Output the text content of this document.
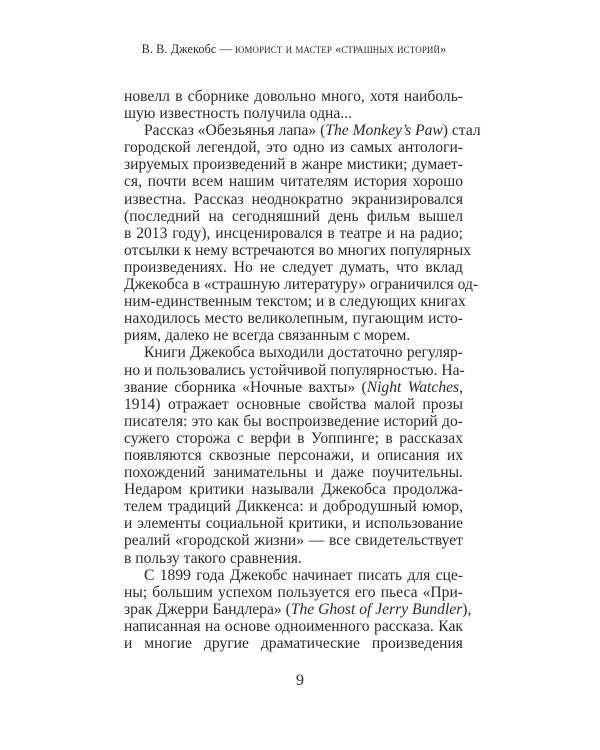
В. В. Джекобс — юморист и мастер «страшных историй»
новелл в сборнике довольно много, хотя наиболь-
шую известность получила одна...
Рассказ «Обезьянья лапа» (The Monkey’s Paw) стал
городской легендой, это одно из самых антологи-
зируемых произведений в жанре мистики; думает-
ся, почти всем нашим читателям история хорошо
известна. Рассказ неоднократно экранизировался
(последний на сегодняшний день фильм вышел
в 2013 году), инсценировался в театре и на радио;
отсылки к нему встречаются во многих популярных
произведениях. Но не следует думать, что вклад
Джекобса в «страшную литературу» ограничился од-
ним-единственным текстом; и в следующих книгах
находилось место великолепным, пугающим исто-
риям, далеко не всегда связанным с морем.
Книги Джекобса выходили достаточно регуляр-
но и пользовались устойчивой популярностью. На-
звание сборника «Ночные вахты» (Night Watches,
1914) отражает основные свойства малой прозы
писателя: это как бы воспроизведение историй до-
сужего сторожа с верфи в Уоппинге; в рассказах
появляются сквозные персонажи, и описания их
похождений занимательны и даже поучительны.
Недаром критики называли Джекобса продолжа-
телем традиций Диккенса: и добродушный юмор,
и элементы социальной критики, и использование
реалий «городской жизни» — все свидетельствует
в пользу такого сравнения.
С 1899 года Джекобс начинает писать для сце-
ны; большим успехом пользуется его пьеса «При-
зрак Джерри Бандлера» (The Ghost of Jerry Bundler),
написанная на основе одноименного рассказа. Как
и многие другие драматические произведения
9
